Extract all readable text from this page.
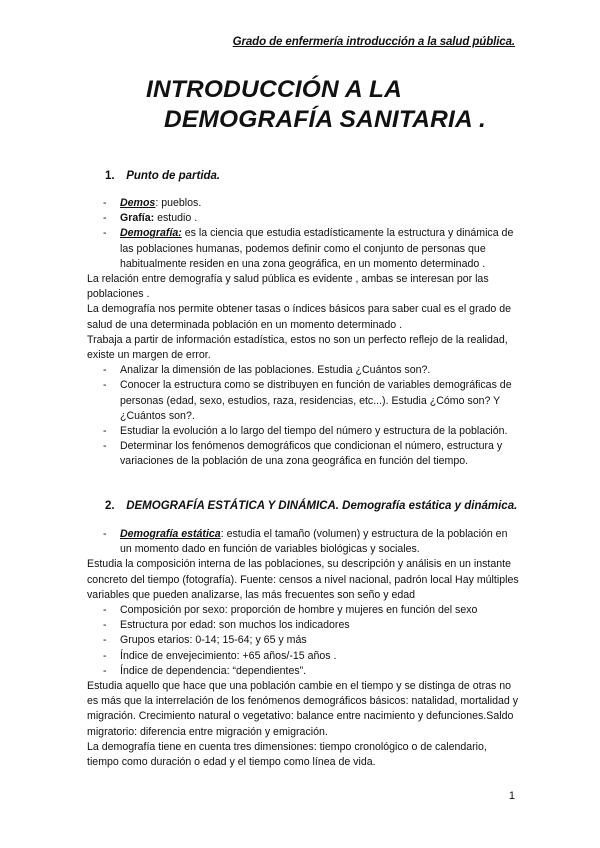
Grado de enfermería introducción a la salud pública.
INTRODUCCIÓN A LA
DEMOGRAFÍA SANITARIA .
1. Punto de partida.
- Demos: pueblos.
- Grafía: estudio .
- Demografía: es la ciencia que estudia estadísticamente la estructura y dinámica de las poblaciones humanas, podemos definir como el conjunto de personas que habitualmente residen en una zona geográfica, en un momento determinado .

La relación entre demografía y salud pública es evidente , ambas se interesan por las poblaciones .

La demografía nos permite obtener tasas o índices básicos para saber cual es el grado de salud de una determinada población en un momento determinado .

Trabaja a partir de información estadística, estos no son un perfecto reflejo de la realidad, existe un margen de error.

- Analizar la dimensión de las poblaciones. Estudia ¿Cuántos son?.
- Conocer la estructura como se distribuyen en función de variables demográficas de personas (edad, sexo, estudios, raza, residencias, etc...). Estudia ¿Cómo son? Y ¿Cuántos son?.
- Estudiar la evolución a lo largo del tiempo del número y estructura de la población.
- Determinar los fenómenos demográficos que condicionan el número, estructura y variaciones de la población de una zona geográfica en función del tiempo.
2. DEMOGRAFÍA ESTÁTICA Y DINÁMICA. Demografía estática y dinámica.
- Demografía estática: estudia el tamaño (volumen) y estructura de la población en un momento dado en función de variables biológicas y sociales.

Estudia la composición interna de las poblaciones, su descripción y análisis en un instante concreto del tiempo (fotografía). Fuente: censos a nivel nacional, padrón local Hay múltiples variables que pueden analizarse, las más frecuentes son seño y edad

- Composición por sexo: proporción de hombre y mujeres en función del sexo
- Estructura por edad: son muchos los indicadores
- Grupos etarios: 0-14; 15-64; y 65 y más
- Índice de envejecimiento: +65 años/-15 años .
- Índice de dependencia: “dependientes”.

Estudia aquello que hace que una población cambie en el tiempo y se distinga de otras no es más que la interrelación de los fenómenos demográficos básicos: natalidad, mortalidad y migración. Crecimiento natural o vegetativo: balance entre nacimiento y defunciones.Saldo migratorio: diferencia entre migración y emigración.

La demografía tiene en cuenta tres dimensiones: tiempo cronológico o de calendario, tiempo como duración o edad y el tiempo como línea de vida.

1
